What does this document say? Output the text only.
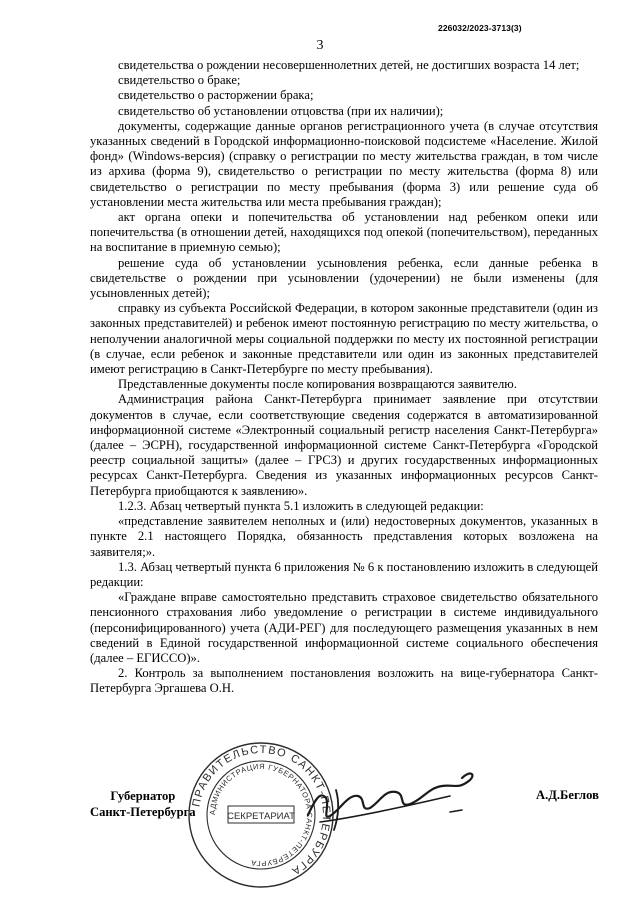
226032/2023-3713(3)
3

свидетельства о рождении несовершеннолетних детей, не достигших возраста 14 лет;

свидетельство о браке;

свидетельство о расторжении брака;

свидетельство об установлении отцовства (при их наличии);

документы, содержащие данные органов регистрационного учета (в случае отсутствия указанных сведений в Городской информационно-поисковой подсистеме «Население. Жилой фонд» (Windows-версия) (справку о регистрации по месту жительства граждан, в том числе из архива (форма 9), свидетельство о регистрации по месту жительства (форма 8) или свидетельство о регистрации по месту пребывания (форма 3) или решение суда об установлении места жительства или места пребывания граждан);

акт органа опеки и попечительства об установлении над ребенком опеки или попечительства (в отношении детей, находящихся под опекой (попечительством), переданных на воспитание в приемную семью);

решение суда об установлении усыновления ребенка, если данные ребенка в свидетельстве о рождении при усыновлении (удочерении) не были изменены (для усыновленных детей);

справку из субъекта Российской Федерации, в котором законные представители (один из законных представителей) и ребенок имеют постоянную регистрацию по месту жительства, о неполучении аналогичной меры социальной поддержки по месту их постоянной регистрации (в случае, если ребенок и законные представители или один из законных представителей имеют регистрацию в Санкт-Петербурге по месту пребывания).

Представленные документы после копирования возвращаются заявителю.

Администрация района Санкт-Петербурга принимает заявление при отсутствии документов в случае, если соответствующие сведения содержатся в автоматизированной информационной системе «Электронный социальный регистр населения Санкт-Петербурга» (далее – ЭСРН), государственной информационной системе Санкт-Петербурга «Городской реестр социальной защиты» (далее – ГРСЗ) и других государственных информационных ресурсах Санкт-Петербурга. Сведения из указанных информационных ресурсов Санкт-Петербурга приобщаются к заявлению».

1.2.3. Абзац четвертый пункта 5.1 изложить в следующей редакции:

«представление заявителем неполных и (или) недостоверных документов, указанных в пункте 2.1 настоящего Порядка, обязанность представления которых возложена на заявителя;».

1.3. Абзац четвертый пункта 6 приложения № 6 к постановлению изложить в следующей редакции:

«Граждане вправе самостоятельно представить страховое свидетельство обязательного пенсионного страхования либо уведомление о регистрации в системе индивидуального (персонифицированного) учета (АДИ-РЕГ) для последующего размещения указанных в нем сведений в Единой государственной информационной системе социального обеспечения (далее – ЕГИССО)».

2. Контроль за выполнением постановления возложить на вице-губернатора Санкт-Петербурга Эргашева О.Н.

Губернатор
Санкт-Петербурга
ПРАВИТЕЛЬСТВО САНКТ-ПЕТЕРБУРГА
АДМИНИСТРАЦИЯ ГУБЕРНАТОРА САНКТ-ПЕТЕРБУРГА
СЕКРЕТАРИАТ
А.Д.Беглов
